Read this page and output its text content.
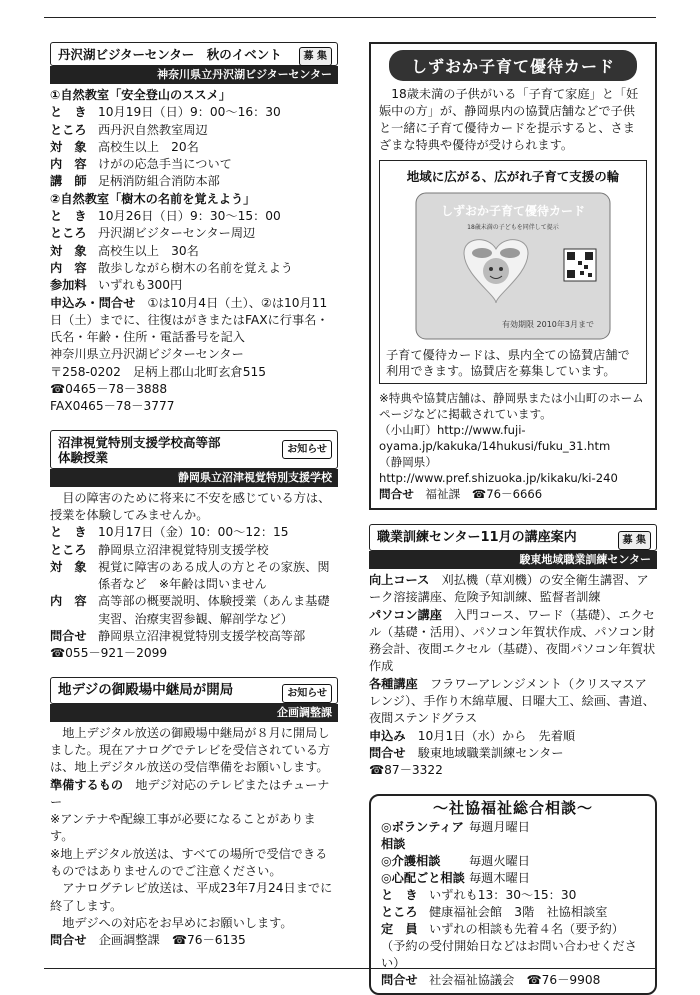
丹沢湖ビジターセンター　秋のイベント	募 集
神奈川県立丹沢湖ビジターセンター
①自然教室「安全登山のススメ」
と　き 10月19日（日）9：00～16：30
ところ 西丹沢自然教室周辺
対　象 高校生以上　20名
内　容 けがの応急手当について
講　師 足柄消防組合消防本部
②自然教室「樹木の名前を覚えよう」
と　き 10月26日（日）9：30～15：00
ところ 丹沢湖ビジターセンター周辺
対　象 高校生以上　30名
内　容 散歩しながら樹木の名前を覚えよう
参加料 いずれも300円
申込み・問合せ　 ①は10月4日（土）、②は10月11日（土）までに、往復はがきまたはFAXに行事名・氏名・年齢・住所・電話番号を記入
神奈川県立丹沢湖ビジターセンター
〒258-0202　足柄上郡山北町玄倉515
☎0465－78－3888
FAX0465－78－3777
沼津視覚特別支援学校高等部
体験授業
お知らせ
静岡県立沼津視覚特別支援学校
目の障害のために将来に不安を感じている方は、授業を体験してみませんか。
と　き 10月17日（金）10：00～12：15
ところ 静岡県立沼津視覚特別支援学校
対　象 視覚に障害のある成人の方とその家族、関係者など　※年齢は問いません
内　容 高等部の概要説明、体験授業（あんま基礎実習、治療実習参観、解剖学など）
問合せ 静岡県立沼津視覚特別支援学校高等部
☎055－921－2099
地デジの御殿場中継局が開局	お知らせ
企画調整課
地上デジタル放送の御殿場中継局が８月に開局しました。現在アナログでテレビを受信されている方は、地上デジタル放送の受信準備をお願いします。
準備するもの　 地デジ対応のテレビまたはチューナー
※アンテナや配線工事が必要になることがあります。
※地上デジタル放送は、すべての場所で受信できるものではありませんのでご注意ください。
アナログテレビ放送は、平成23年7月24日までに終了します。
地デジへの対応をお早めにお願いします。
問合せ　 企画調整課　☎76－6135
しずおか子育て優待カード
18歳未満の子供がいる「子育て家庭」と「妊娠中の方」が、静岡県内の協賛店舗などで子供と一緒に子育て優待カードを提示すると、さまざまな特典や優待が受けられます。
地域に広がる、広がれ子育て支援の輪
しずおか子育て優待カード
18歳未満の子どもを同伴して提示
有効期限 2010年3月まで
子育て優待カードは、県内全ての協賛店舗で利用できます。協賛店を募集しています。
※特典や協賛店舗は、静岡県または小山町のホームページなどに掲載されています。
（小山町）http://www.fuji-oyama.jp/kakuka/14hukusi/fuku_31.htm
（静岡県）http://www.pref.shizuoka.jp/kikaku/ki-240
問合せ　 福祉課　☎76－6666
職業訓練センター11月の講座案内	募 集
駿東地域職業訓練センター
向上コース　 刈払機（草刈機）の安全衛生講習、アーク溶接講座、危険予知訓練、監督者訓練
パソコン講座　 入門コース、ワード（基礎）、エクセル（基礎・活用）、パソコン年賀状作成、パソコン財務会計、夜間エクセル（基礎）、夜間パソコン年賀状作成
各種講座　 フラワーアレンジメント（クリスマスアレンジ）、手作り木綿草履、日曜大工、絵画、書道、夜間ステンドグラス
申込み　 10月1日（水）から　先着順
問合せ　 駿東地域職業訓練センター
☎87－3322
～社協福祉総合相談～
◎ボランティア相談
毎週月曜日
◎介護相談	毎週火曜日
◎心配ごと相談 毎週木曜日
と　き いずれも13：30～15：30
ところ 健康福祉会館　3階　社協相談室
定　員 いずれの相談も先着４名（要予約）
（予約の受付開始日などはお問い合わせください）
問合せ 社会福祉協議会　☎76－9908
